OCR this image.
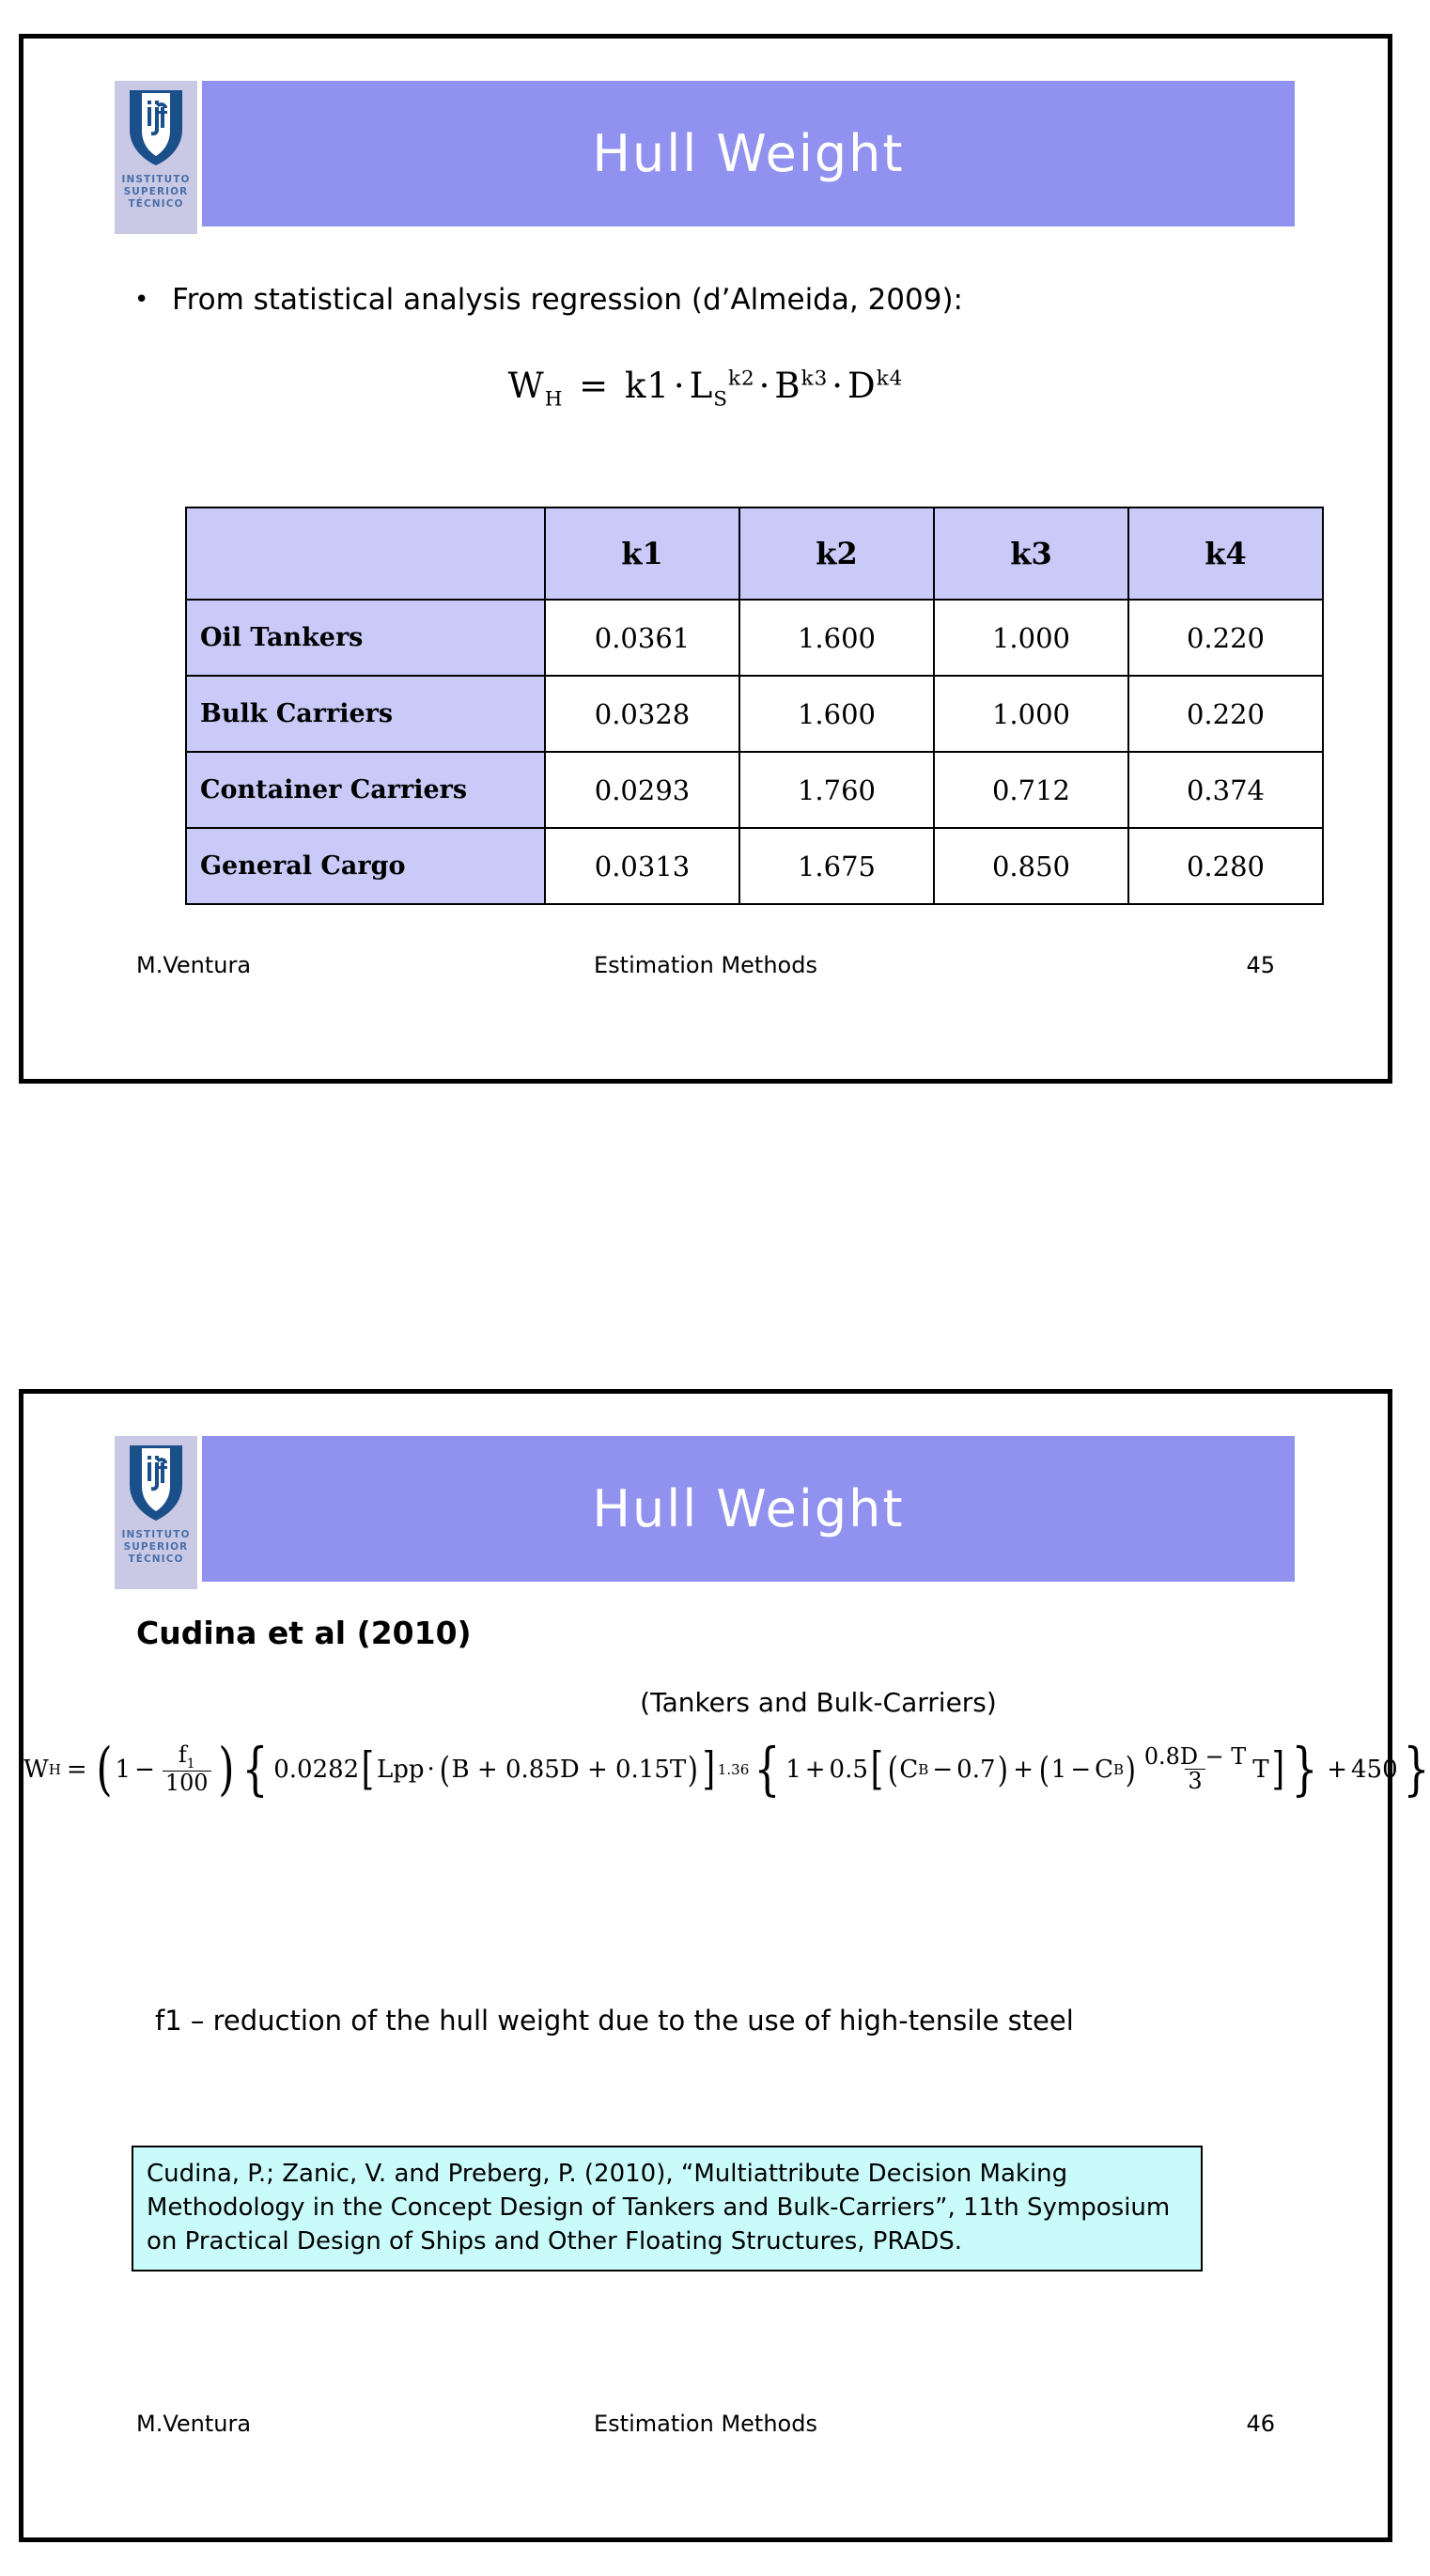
INSTITUTO
SUPERIOR
TÉCNICO
Hull Weight
• From statistical analysis regression (d’Almeida, 2009):
$W_H = k1 \cdot L_S^{k2} \cdot B^{k3} \cdot D^{k4}$
	k1	k2	k3	k4
Oil Tankers	0.0361	1.600	1.000	0.220
Bulk Carriers	0.0328	1.600	1.000	0.220
Container Carriers	0.0293	1.760	0.712	0.374
General Cargo	0.0313	1.675	0.850	0.280
M.Ventura	Estimation Methods	45
INSTITUTO
SUPERIOR
TÉCNICO
Hull Weight
Cudina et al (2010)
(Tankers and Bulk-Carriers)
W H = ( $1 - \frac{f_1}{100}$ ) { 0.0282 [ Lpp · ( B + 0.85D + 0.15T ) ] 1.36 { 1 + 0.5 [ ( C B − 0.7 ) + ( 1 − C B ) $\frac{0.8D - T}{3}$ T ] } + 450 }
f1 – reduction of the hull weight due to the use of high-tensile steel
Cudina, P.; Zanic, V. and Preberg, P. (2010), “Multiattribute Decision Making Methodology in the Concept Design of Tankers and Bulk-Carriers”, 11th Symposium on Practical Design of Ships and Other Floating Structures, PRADS.
M.Ventura	Estimation Methods	46
